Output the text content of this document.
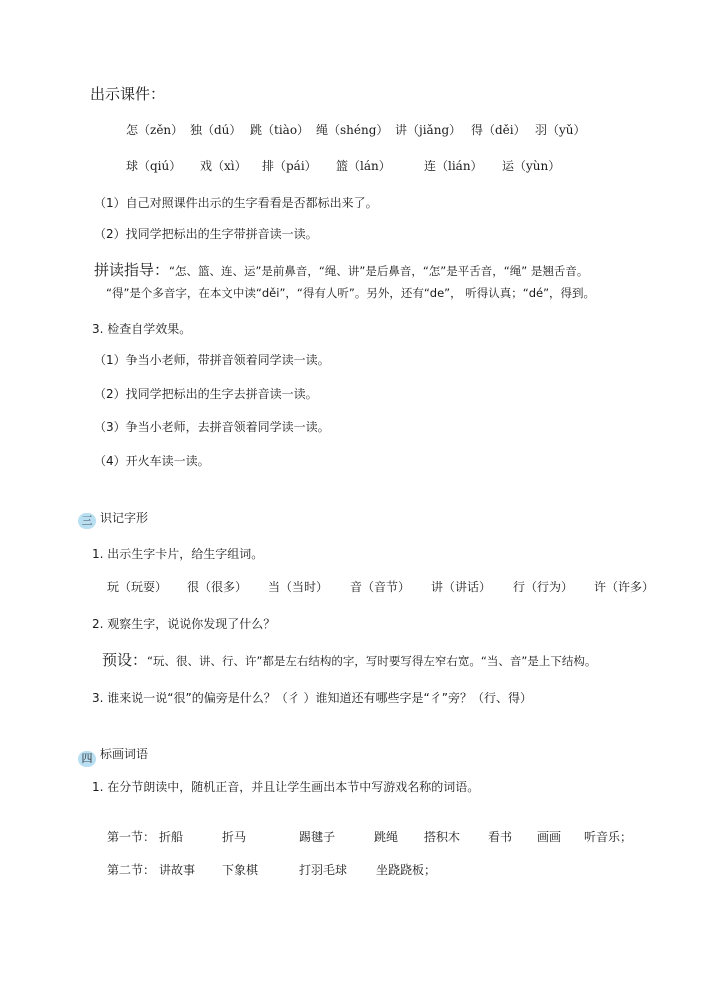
出示课件：
怎（zěn） 独（dú） 跳（tiào） 绳（shéng） 讲（jiǎng） 得（děi） 羽（yǔ）
球（qiú） 戏（xì） 排（pái） 篮（lán）	连（lián） 运（yùn）
（1）自己对照课件出示的生字看看是否都标出来了。
（2）找同学把标出的生字带拼音读一读。
拼读指导：“怎、篮、连、运”是前鼻音，“绳、讲”是后鼻音，“怎”是平舌音，“绳” 是翘舌音。
“得”是个多音字，在本文中读“děi”，“得有人听”。另外，还有“de”， 听得认真；“dé”，得到。
3. 检查自学效果。
（1）争当小老师，带拼音领着同学读一读。
（2）找同学把标出的生字去拼音读一读。
（3）争当小老师，去拼音领着同学读一读。
（4）开火车读一读。
三 识记字形
1. 出示生字卡片，给生字组词。
玩（玩耍） 很（很多） 当（当时） 音（音节） 讲（讲话） 行（行为） 许（许多）
2. 观察生字，说说你发现了什么？
预设：“玩、很、讲、行、许”都是左右结构的字，写时要写得左窄右宽。“当、音”是上下结构。
3. 谁来说一说“很”的偏旁是什么？（彳 ）谁知道还有哪些字是“彳”旁？（行、得）
四 标画词语
1. 在分节朗读中，随机正音，并且让学生画出本节中写游戏名称的词语。
第一节： 折船	折马	踢毽子	跳绳 搭积木 看书 画画 听音乐；
第二节： 讲故事 下象棋	打羽毛球 坐跷跷板；
